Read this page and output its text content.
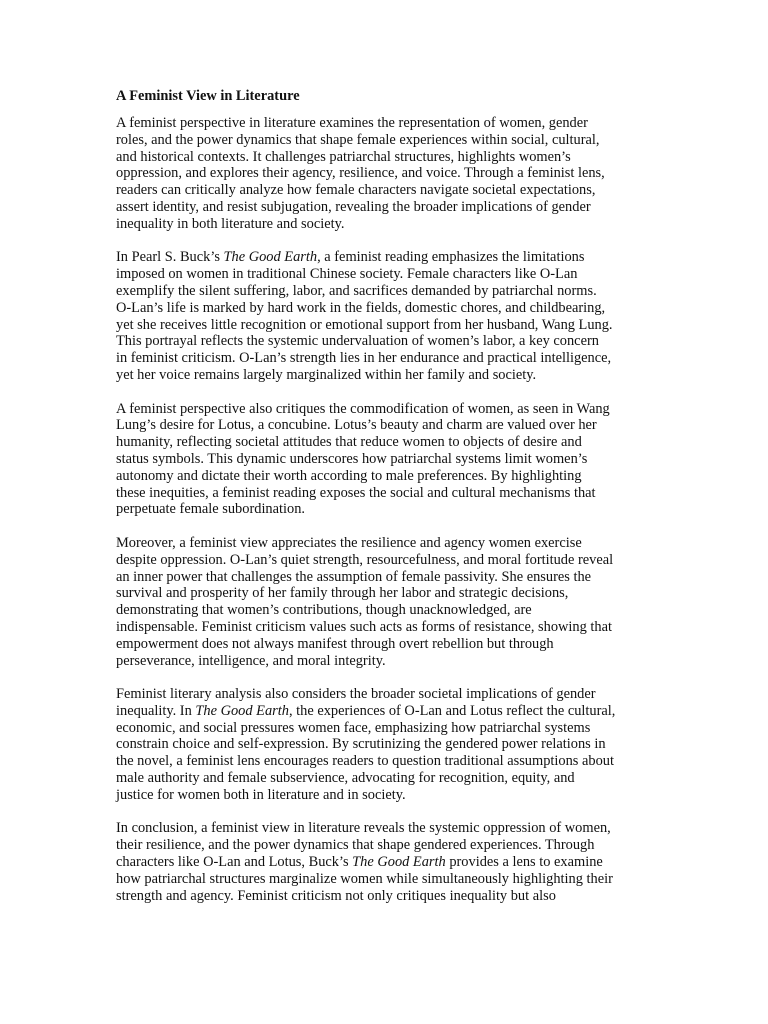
A Feminist View in Literature
A feminist perspective in literature examines the representation of women, gender
roles, and the power dynamics that shape female experiences within social, cultural,
and historical contexts. It challenges patriarchal structures, highlights women’s
oppression, and explores their agency, resilience, and voice. Through a feminist lens,
readers can critically analyze how female characters navigate societal expectations,
assert identity, and resist subjugation, revealing the broader implications of gender
inequality in both literature and society.
In Pearl S. Buck’s The Good Earth, a feminist reading emphasizes the limitations
imposed on women in traditional Chinese society. Female characters like O-Lan
exemplify the silent suffering, labor, and sacrifices demanded by patriarchal norms.
O-Lan’s life is marked by hard work in the fields, domestic chores, and childbearing,
yet she receives little recognition or emotional support from her husband, Wang Lung.
This portrayal reflects the systemic undervaluation of women’s labor, a key concern
in feminist criticism. O-Lan’s strength lies in her endurance and practical intelligence,
yet her voice remains largely marginalized within her family and society.
A feminist perspective also critiques the commodification of women, as seen in Wang
Lung’s desire for Lotus, a concubine. Lotus’s beauty and charm are valued over her
humanity, reflecting societal attitudes that reduce women to objects of desire and
status symbols. This dynamic underscores how patriarchal systems limit women’s
autonomy and dictate their worth according to male preferences. By highlighting
these inequities, a feminist reading exposes the social and cultural mechanisms that
perpetuate female subordination.
Moreover, a feminist view appreciates the resilience and agency women exercise
despite oppression. O-Lan’s quiet strength, resourcefulness, and moral fortitude reveal
an inner power that challenges the assumption of female passivity. She ensures the
survival and prosperity of her family through her labor and strategic decisions,
demonstrating that women’s contributions, though unacknowledged, are
indispensable. Feminist criticism values such acts as forms of resistance, showing that
empowerment does not always manifest through overt rebellion but through
perseverance, intelligence, and moral integrity.
Feminist literary analysis also considers the broader societal implications of gender
inequality. In The Good Earth, the experiences of O-Lan and Lotus reflect the cultural,
economic, and social pressures women face, emphasizing how patriarchal systems
constrain choice and self-expression. By scrutinizing the gendered power relations in
the novel, a feminist lens encourages readers to question traditional assumptions about
male authority and female subservience, advocating for recognition, equity, and
justice for women both in literature and in society.
In conclusion, a feminist view in literature reveals the systemic oppression of women,
their resilience, and the power dynamics that shape gendered experiences. Through
characters like O-Lan and Lotus, Buck’s The Good Earth provides a lens to examine
how patriarchal structures marginalize women while simultaneously highlighting their
strength and agency. Feminist criticism not only critiques inequality but also
